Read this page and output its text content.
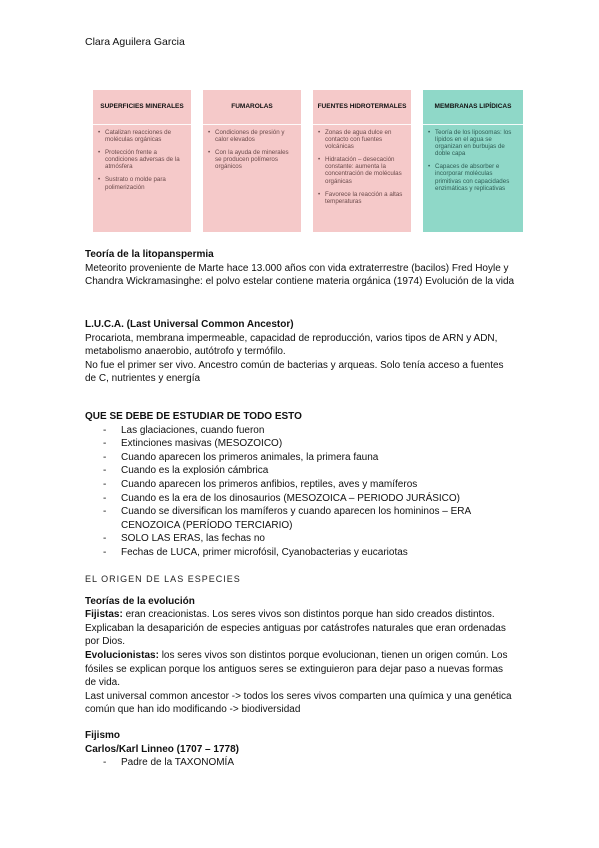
Clara Aguilera Garcia
SUPERFICIES MINERALES
• Catalizan reacciones de moléculas orgánicas
• Protección frente a condiciones adversas de la atmósfera
• Sustrato o molde para polimerización
FUMAROLAS
• Condiciones de presión y calor elevados
• Con la ayuda de minerales se producen polímeros orgánicos
FUENTES HIDROTERMALES
• Zonas de agua dulce en contacto con fuentes volcánicas
• Hidratación – desecación constante: aumenta la concentración de moléculas orgánicas
• Favorece la reacción a altas temperaturas
MEMBRANAS LIPÍDICAS
• Teoría de los liposomas: los lípidos en el agua se organizan en burbujas de doble capa
• Capaces de absorber e incorporar moléculas primitivas con capacidades enzimáticas y replicativas

Teoría de la litopanspermia

Meteorito proveniente de Marte hace 13.000 años con vida extraterrestre (bacilos) Fred Hoyle y Chandra Wickramasinghe: el polvo estelar contiene materia orgánica (1974) Evolución de la vida

L.U.C.A. (Last Universal Common Ancestor)

Procariota, membrana impermeable, capacidad de reproducción, varios tipos de ARN y ADN, metabolismo anaerobio, autótrofo y termófilo.

No fue el primer ser vivo. Ancestro común de bacterias y arqueas. Solo tenía acceso a fuentes de C, nutrientes y energía

QUE SE DEBE DE ESTUDIAR DE TODO ESTO

- Las glaciaciones, cuando fueron
- Extinciones masivas (MESOZOICO)
- Cuando aparecen los primeros animales, la primera fauna
- Cuando es la explosión cámbrica
- Cuando aparecen los primeros anfibios, reptiles, aves y mamíferos
- Cuando es la era de los dinosaurios (MESOZOICA – PERIODO JURÁSICO)
- Cuando se diversifican los mamíferos y cuando aparecen los homininos – ERA CENOZOICA (PERÍODO TERCIARIO)
- SOLO LAS ERAS, las fechas no
- Fechas de LUCA, primer microfósil, Cyanobacterias y eucariotas

EL ORIGEN DE LAS ESPECIES

Teorías de la evolución

Fijistas: eran creacionistas. Los seres vivos son distintos porque han sido creados distintos. Explicaban la desaparición de especies antiguas por catástrofes naturales que eran ordenadas por Dios.

Evolucionistas: los seres vivos son distintos porque evolucionan, tienen un origen común. Los fósiles se explican porque los antiguos seres se extinguieron para dejar paso a nuevas formas de vida.

Last universal common ancestor -> todos los seres vivos comparten una química y una genética común que han ido modificando -> biodiversidad

Fijismo

Carlos/Karl Linneo (1707 – 1778)

- Padre de la TAXONOMÍA
